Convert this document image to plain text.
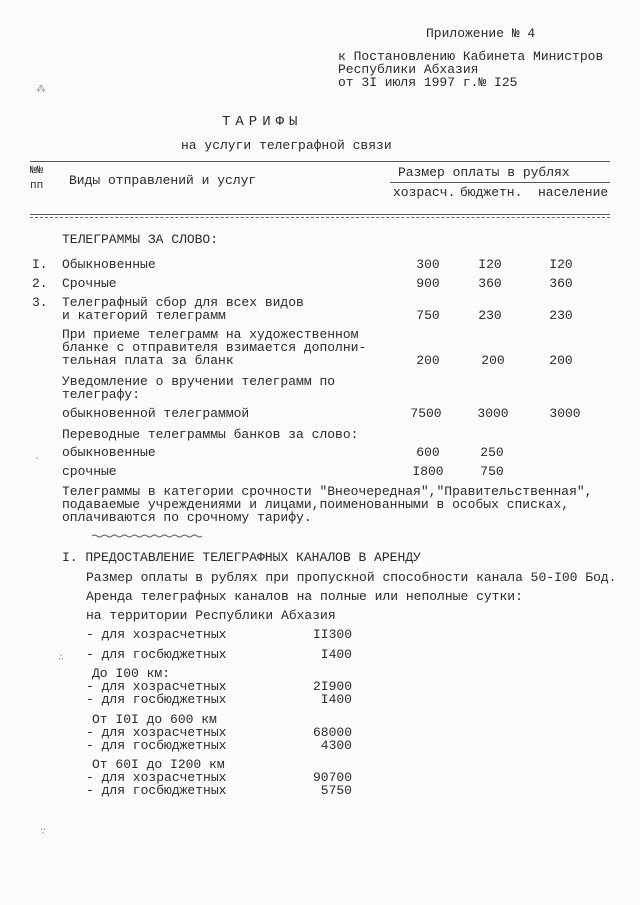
Приложение № 4
к Постановлению Кабинета Министров
Республики Абхазия
от 3I июля 1997 г.№ I25
ТАРИФЫ
на услуги телеграфной связи
№№
пп Виды отправлений и услуг
Размер оплаты в рублях
хозрасч. бюджетн. население
ТЕЛЕГРАММЫ ЗА СЛОВО:
I. Обыкновенные	300	I20	I20
2. Срочные	900	360	360
3. Телеграфный сбор для всех видов
и категорий телеграмм	750	230	230
При приеме телеграмм на художественном
бланке с отправителя взимается дополни-
тельная плата за бланк	200	200	200
Уведомление о вручении телеграмм по
телеграфу:
обыкновенной телеграммой	7500	3000	3000
Переводные телеграммы банков за слово:
обыкновенные	600	250
срочные	I800	750
Телеграммы в категории срочности "Внеочередная","Правительственная",
подаваемые учреждениями и лицами,поименованными в особых списках,
оплачиваются по срочному тарифу.
I. ПРЕДОСТАВЛЕНИЕ ТЕЛЕГРАФНЫХ КАНАЛОВ В АРЕНДУ
Размер оплаты в рублях при пропускной способности канала 50-I00 Бод.
Аренда телеграфных каналов на полные или неполные сутки:
на территории Республики Абхазия
- для хозрасчетных	II300
- для госбюджетных	I400
До I00 км:
- для хозрасчетных	2I900
- для госбюджетных	I400
От I0I до 600 км
- для хозрасчетных	68000
- для госбюджетных	4300
От 60I до I200 км
- для хозрасчетных	90700
- для госбюджетных	5750
⁂
∴
·
∵
